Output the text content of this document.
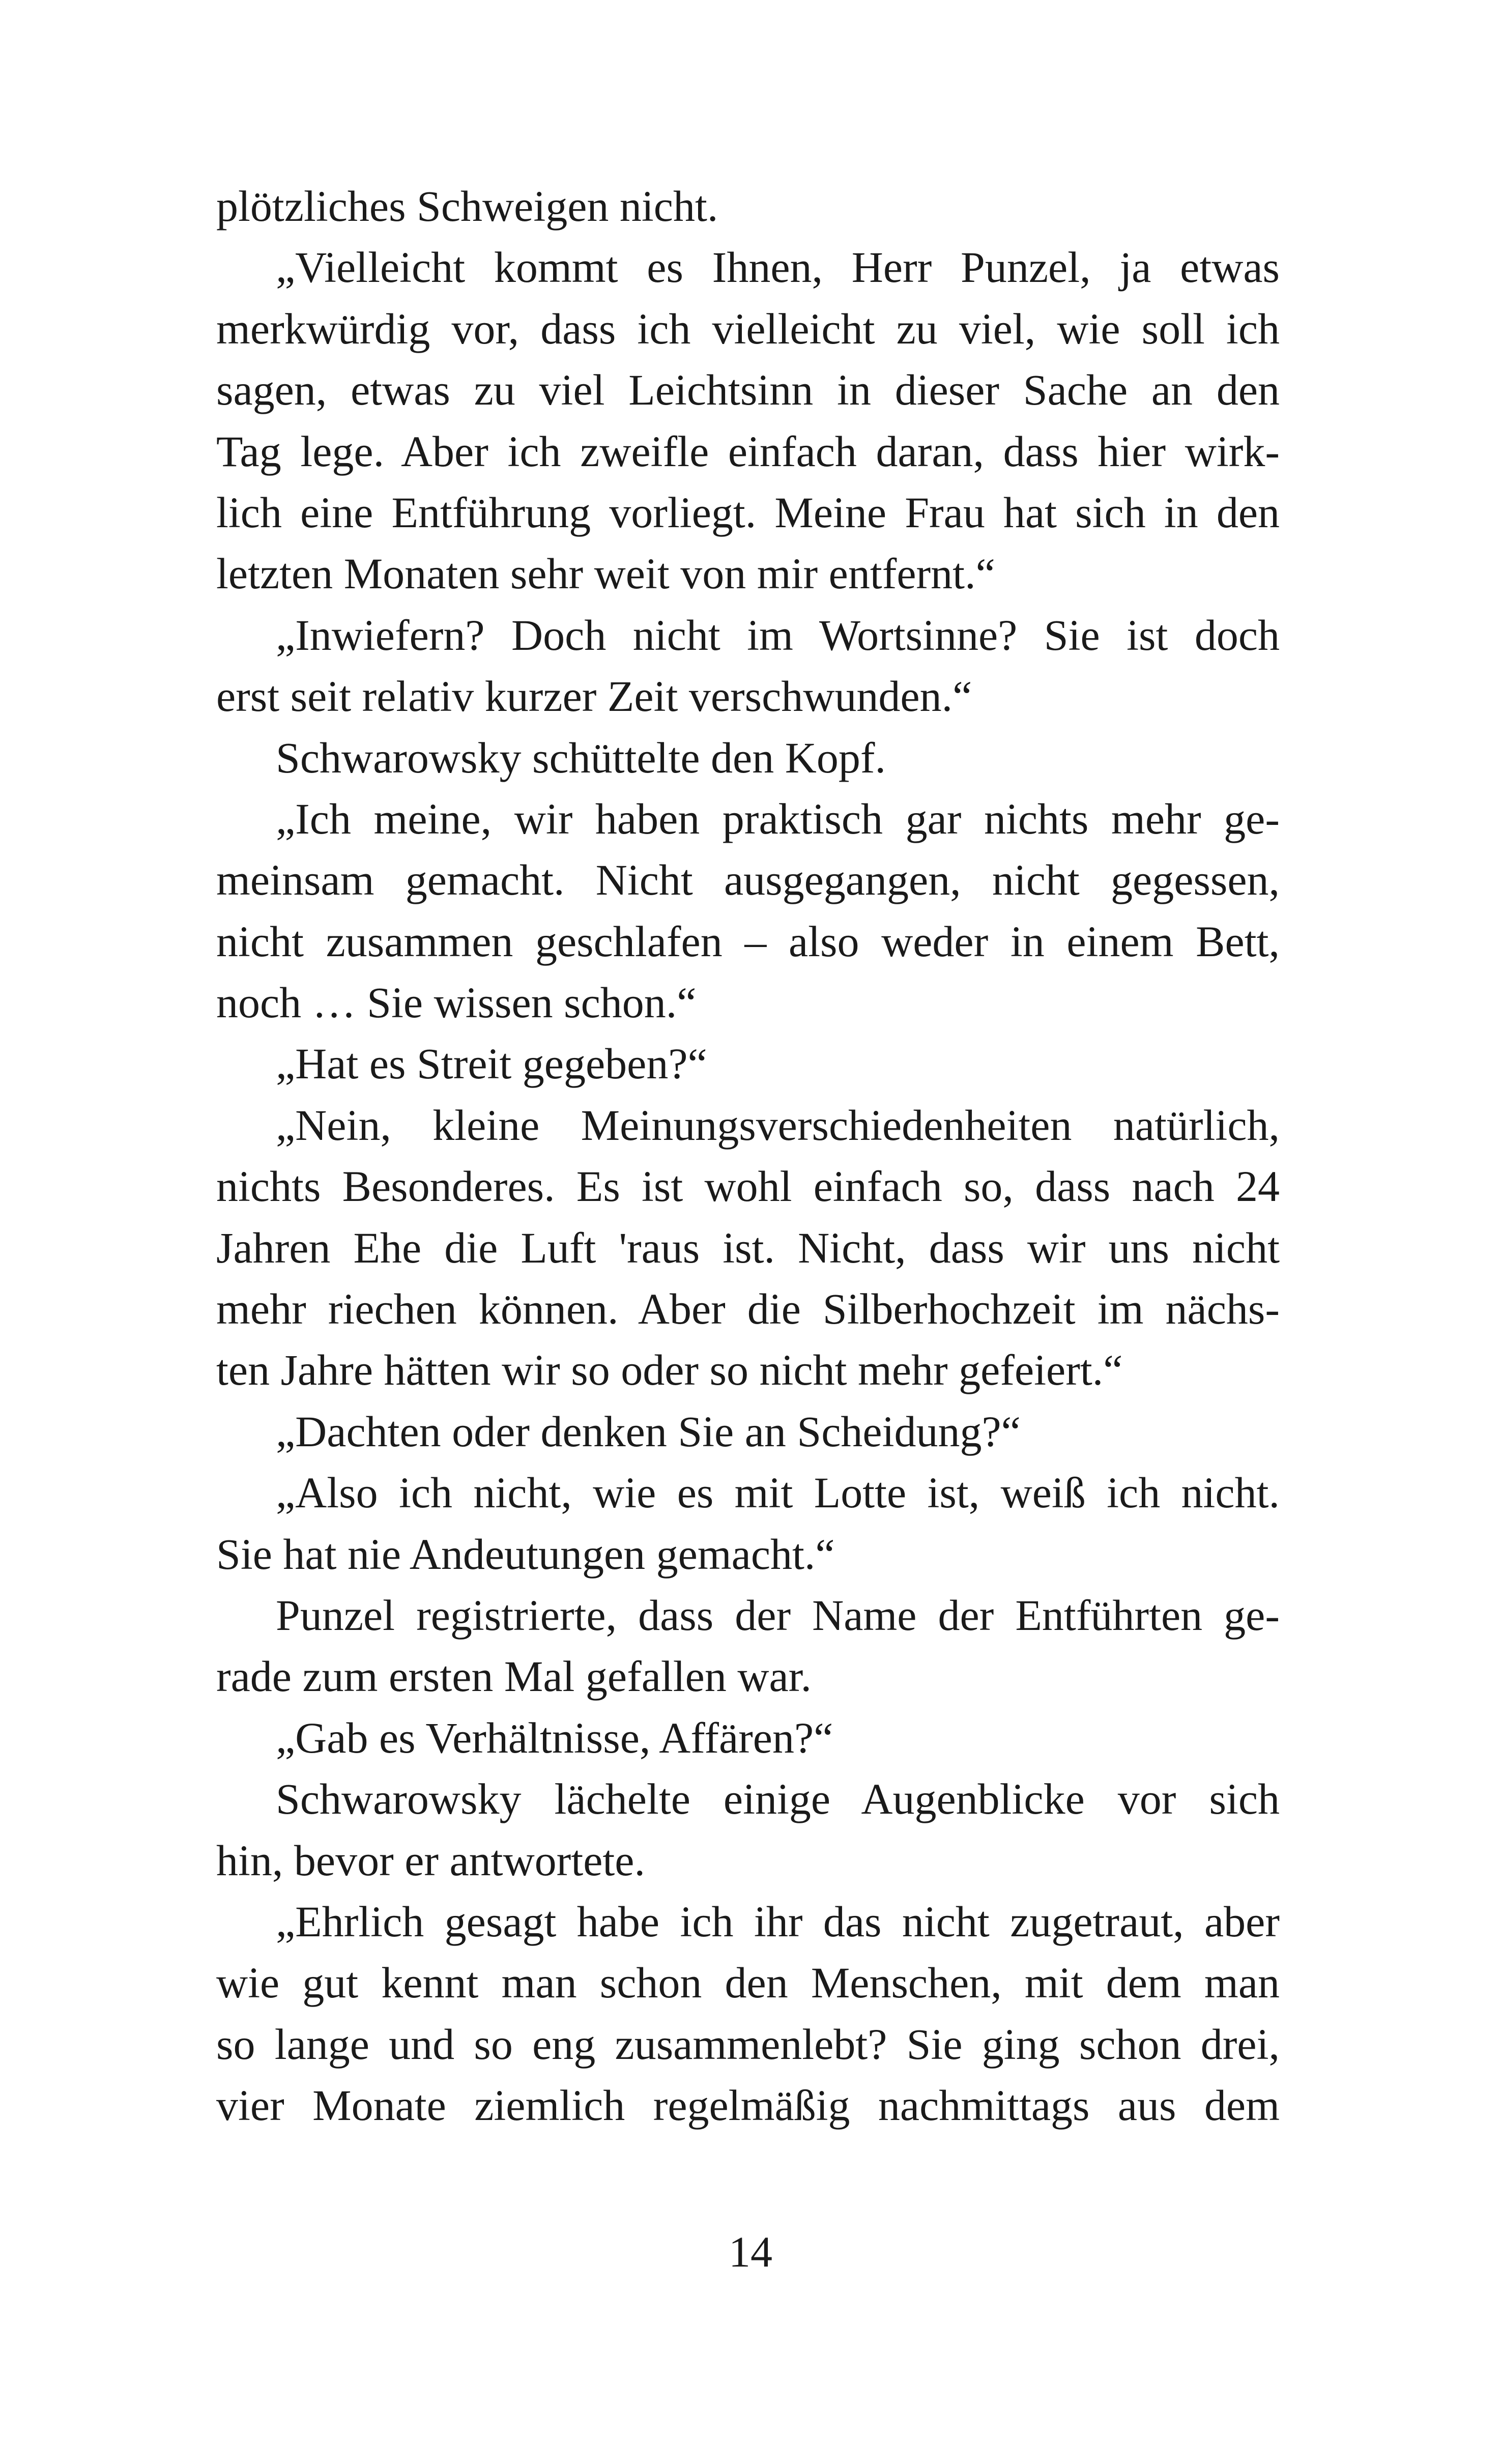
plötzliches Schweigen nicht.
„Vielleicht kommt es Ihnen, Herr Punzel, ja etwas
merkwürdig vor, dass ich vielleicht zu viel, wie soll ich
sagen, etwas zu viel Leichtsinn in dieser Sache an den
Tag lege. Aber ich zweifle einfach daran, dass hier wirk-
lich eine Entführung vorliegt. Meine Frau hat sich in den
letzten Monaten sehr weit von mir entfernt.“
„Inwiefern? Doch nicht im Wortsinne? Sie ist doch
erst seit relativ kurzer Zeit verschwunden.“
Schwarowsky schüttelte den Kopf.
„Ich meine, wir haben praktisch gar nichts mehr ge-
meinsam gemacht. Nicht ausgegangen, nicht gegessen,
nicht zusammen geschlafen – also weder in einem Bett,
noch … Sie wissen schon.“
„Hat es Streit gegeben?“
„Nein, kleine Meinungsverschiedenheiten natürlich,
nichts Besonderes. Es ist wohl einfach so, dass nach 24
Jahren Ehe die Luft 'raus ist. Nicht, dass wir uns nicht
mehr riechen können. Aber die Silberhochzeit im nächs-
ten Jahre hätten wir so oder so nicht mehr gefeiert.“
„Dachten oder denken Sie an Scheidung?“
„Also ich nicht, wie es mit Lotte ist, weiß ich nicht.
Sie hat nie Andeutungen gemacht.“
Punzel registrierte, dass der Name der Entführten ge-
rade zum ersten Mal gefallen war.
„Gab es Verhältnisse, Affären?“
Schwarowsky lächelte einige Augenblicke vor sich
hin, bevor er antwortete.
„Ehrlich gesagt habe ich ihr das nicht zugetraut, aber
wie gut kennt man schon den Menschen, mit dem man
so lange und so eng zusammenlebt? Sie ging schon drei,
vier Monate ziemlich regelmäßig nachmittags aus dem
14
